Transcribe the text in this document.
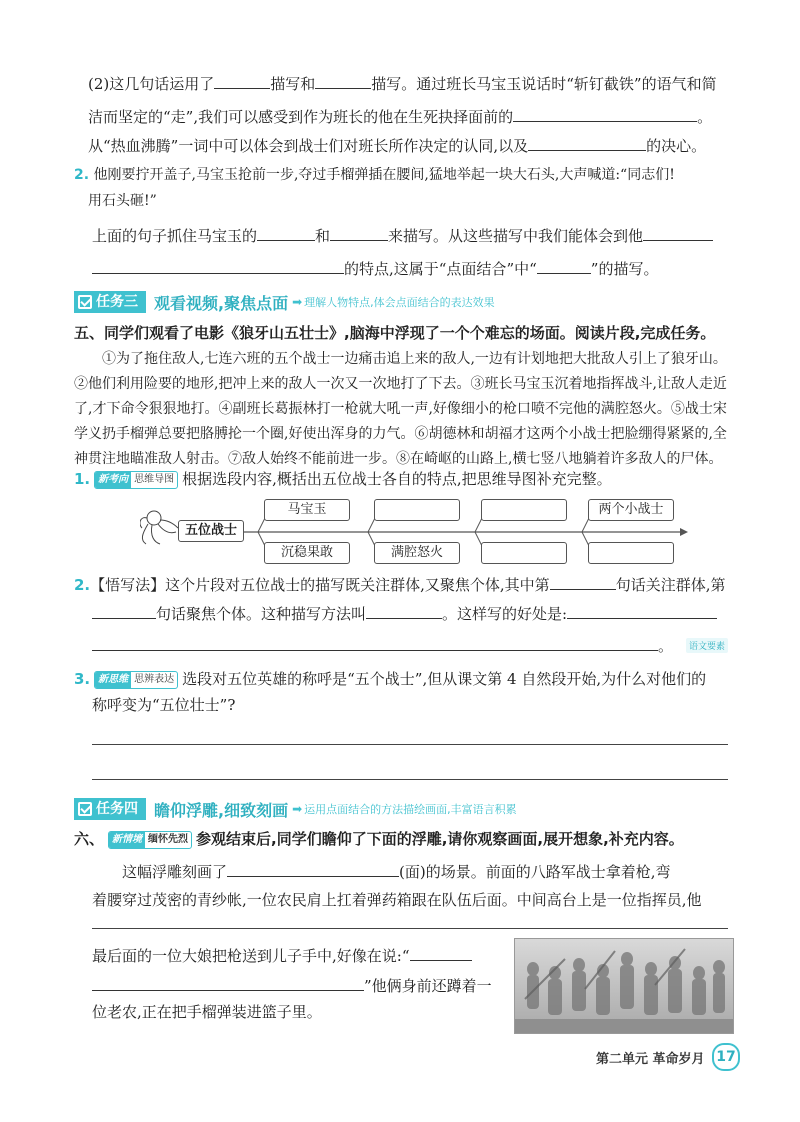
(2)这几句话运用了	描写和	描写。通过班长马宝玉说话时“斩钉截铁”的语气和简
洁而坚定的“走”,我们可以感受到作为班长的他在生死抉择面前的	。
从“热血沸腾”一词中可以体会到战士们对班长所作决定的认同,以及	的决心。
2. 他刚要拧开盖子,马宝玉抢前一步,夺过手榴弹插在腰间,猛地举起一块大石头,大声喊道:“同志们!
用石头砸!”
上面的句子抓住马宝玉的	和	来描写。从这些描写中我们能体会到他
的特点,这属于“点面结合”中“	”的描写。
任务三 观看视频,聚焦点面 ➡ 理解人物特点,体会点面结合的表达效果
五、同学们观看了电影《狼牙山五壮士》,脑海中浮现了一个个难忘的场面。阅读片段,完成任务。
①为了拖住敌人,七连六班的五个战士一边痛击追上来的敌人,一边有计划地把大批敌人引上了狼牙山。
②他们利用险要的地形,把冲上来的敌人一次又一次地打了下去。③班长马宝玉沉着地指挥战斗,让敌人走近
了,才下命令狠狠地打。④副班长葛振林打一枪就大吼一声,好像细小的枪口喷不完他的满腔怒火。⑤战士宋
学义扔手榴弹总要把胳膊抡一个圈,好使出浑身的力气。⑥胡德林和胡福才这两个小战士把脸绷得紧紧的,全
神贯注地瞄准敌人射击。⑦敌人始终不能前进一步。⑧在崎岖的山路上,横七竖八地躺着许多敌人的尸体。
1. 新考向 思维导图 根据选段内容,概括出五位战士各自的特点,把思维导图补充完整。
五位战士
马宝玉	两个小战士
沉稳果敢	满腔怒火
2.【悟写法】这个片段对五位战士的描写既关注群体,又聚焦个体,其中第	句话关注群体,第
句话聚焦个体。这种描写方法叫	。这样写的好处是:
。	语文要素
3. 新思维 思辨表达 选段对五位英雄的称呼是“五个战士”,但从课文第 4 自然段开始,为什么对他们的
称呼变为“五位壮士”?
任务四 瞻仰浮雕,细致刻画 ➡ 运用点面结合的方法描绘画面,丰富语言积累
六、 新情境 缅怀先烈 参观结束后,同学们瞻仰了下面的浮雕,请你观察画面,展开想象,补充内容。
这幅浮雕刻画了	(面)的场景。前面的八路军战士拿着枪,弯
着腰穿过茂密的青纱帐,一位农民肩上扛着弹药箱跟在队伍后面。中间高台上是一位指挥员,他
最后面的一位大娘把枪送到儿子手中,好像在说:“
”他俩身前还蹲着一
位老农,正在把手榴弹装进篮子里。
第二单元 革命岁月 17
